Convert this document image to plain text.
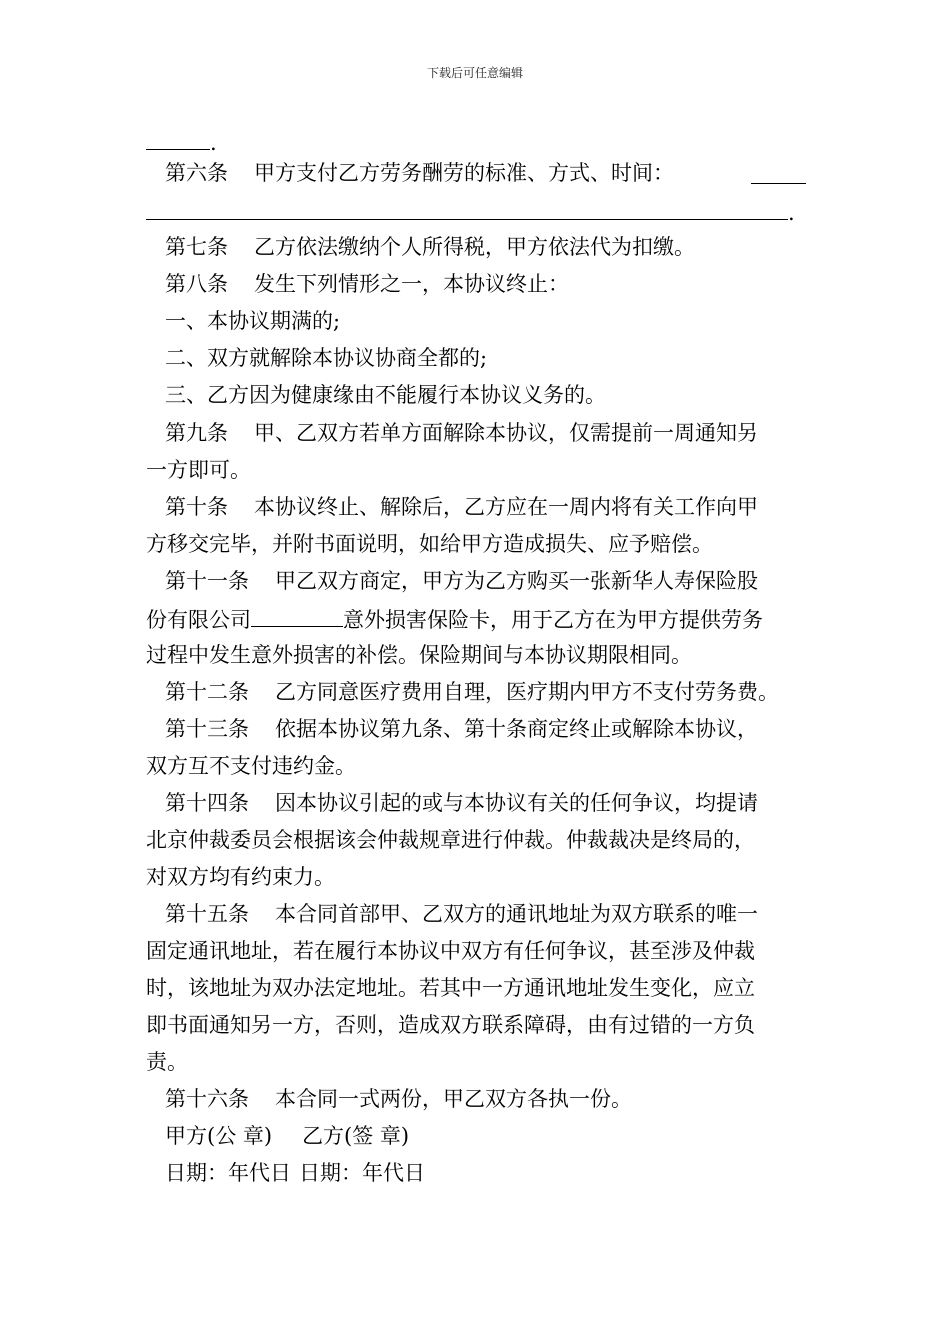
下载后可任意编辑
.
第六条 甲方支付乙方劳务酬劳的标准、方式、时间：
.
第七条 乙方依法缴纳个人所得税，甲方依法代为扣缴。
第八条 发生下列情形之一，本协议终止：
一、本协议期满的;
二、双方就解除本协议协商全都的;
三、乙方因为健康缘由不能履行本协议义务的。
第九条 甲、乙双方若单方面解除本协议，仅需提前一周通知另
一方即可。
第十条 本协议终止、解除后，乙方应在一周内将有关工作向甲
方移交完毕，并附书面说明，如给甲方造成损失、应予赔偿。
第十一条 甲乙双方商定，甲方为乙方购买一张新华人寿保险股
份有限公司	意外损害保险卡，用于乙方在为甲方提供劳务
过程中发生意外损害的补偿。保险期间与本协议期限相同。
第十二条 乙方同意医疗费用自理，医疗期内甲方不支付劳务费。
第十三条 依据本协议第九条、第十条商定终止或解除本协议，
双方互不支付违约金。
第十四条 因本协议引起的或与本协议有关的任何争议，均提请
北京仲裁委员会根据该会仲裁规章进行仲裁。仲裁裁决是终局的，
对双方均有约束力。
第十五条 本合同首部甲、乙双方的通讯地址为双方联系的唯一
固定通讯地址，若在履行本协议中双方有任何争议，甚至涉及仲裁
时，该地址为双办法定地址。若其中一方通讯地址发生变化，应立
即书面通知另一方，否则，造成双方联系障碍，由有过错的一方负
责。
第十六条 本合同一式两份，甲乙双方各执一份。
甲方(公 章) 乙方(签 章)
日期：年代日 日期：年代日
